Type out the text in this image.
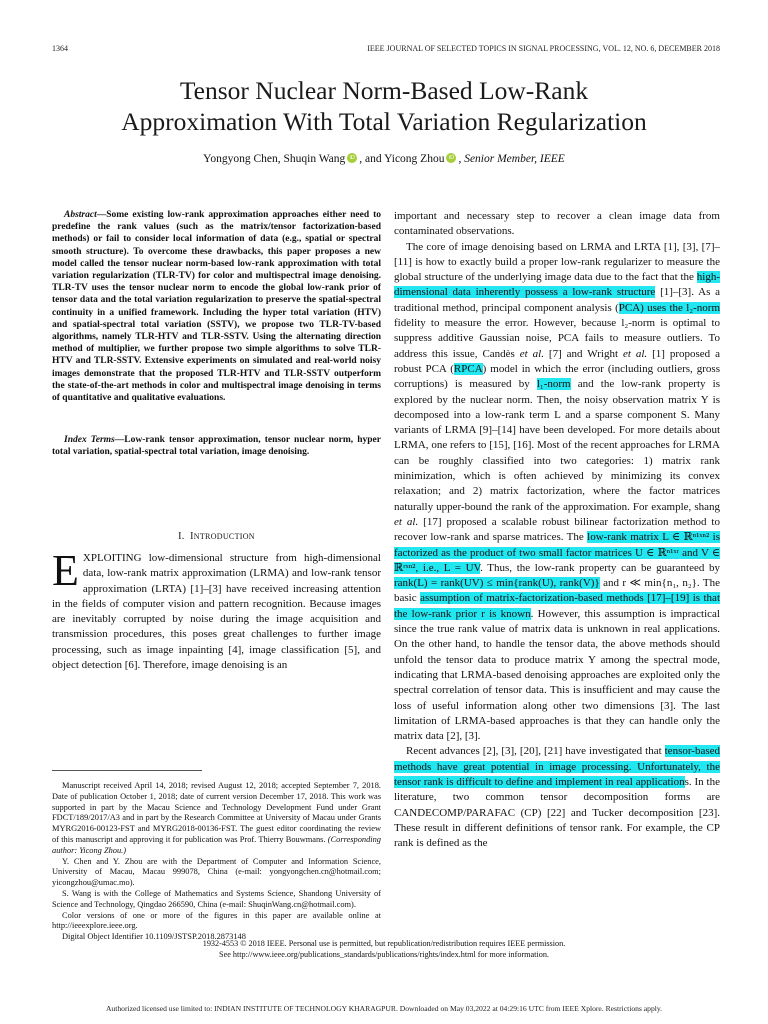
1364	IEEE JOURNAL OF SELECTED TOPICS IN SIGNAL PROCESSING, VOL. 12, NO. 6, DECEMBER 2018
Tensor Nuclear Norm-Based Low-Rank
Approximation With Total Variation Regularization
Yongyong Chen, Shuqin Wang iD , and Yicong Zhou iD , Senior Member, IEEE
Abstract—Some existing low-rank approximation approaches either need to predefine the rank values (such as the matrix/tensor factorization-based methods) or fail to consider local information of data (e.g., spatial or spectral smooth structure). To overcome these drawbacks, this paper proposes a new model called the tensor nuclear norm-based low-rank approximation with total variation regularization (TLR-TV) for color and multispectral image denoising. TLR-TV uses the tensor nuclear norm to encode the global low-rank prior of tensor data and the total variation regularization to preserve the spatial-spectral continuity in a unified framework. Including the hyper total variation (HTV) and spatial-spectral total variation (SSTV), we propose two TLR-TV-based algorithms, namely TLR-HTV and TLR-SSTV. Using the alternating direction method of multiplier, we further propose two simple algorithms to solve TLR-HTV and TLR-SSTV. Extensive experiments on simulated and real-world noisy images demonstrate that the proposed TLR-HTV and TLR-SSTV outperform the state-of-the-art methods in color and multispectral image denoising in terms of quantitative and qualitative evaluations.
Index Terms—Low-rank tensor approximation, tensor nuclear norm, hyper total variation, spatial-spectral total variation, image denoising.
I. INTRODUCTION

EXPLOITING low-dimensional structure from high-dimensional data, low-rank matrix approximation (LRMA) and low-rank tensor approximation (LRTA) [1]–[3] have received increasing attention in the fields of computer vision and pattern recognition. Because images are inevitably corrupted by noise during the image acquisition and transmission procedures, this poses great challenges to further image processing, such as image inpainting [4], image classification [5], and object detection [6]. Therefore, image denoising is an

Manuscript received April 14, 2018; revised August 12, 2018; accepted September 7, 2018. Date of publication October 1, 2018; date of current version December 17, 2018. This work was supported in part by the Macau Science and Technology Development Fund under Grant FDCT/189/2017/A3 and in part by the Research Committee at University of Macau under Grants MYRG2016-00123-FST and MYRG2018-00136-FST. The guest editor coordinating the review of this manuscript and approving it for publication was Prof. Thierry Bouwmans. (Corresponding author: Yicong Zhou.)

Y. Chen and Y. Zhou are with the Department of Computer and Information Science, University of Macau, Macau 999078, China (e-mail: yongyongchen.cn@hotmail.com; yicongzhou@umac.mo).

S. Wang is with the College of Mathematics and Systems Science, Shandong University of Science and Technology, Qingdao 266590, China (e-mail: ShuqinWang.cn@hotmail.com).

Color versions of one or more of the figures in this paper are available online at http://ieeexplore.ieee.org.

Digital Object Identifier 10.1109/JSTSP.2018.2873148

important and necessary step to recover a clean image data from contaminated observations.

The core of image denoising based on LRMA and LRTA [1], [3], [7]–[11] is how to exactly build a proper low-rank regularizer to measure the global structure of the underlying image data due to the fact that the high-dimensional data inherently possess a low-rank structure [1]–[3]. As a traditional method, principal component analysis (PCA) uses the l₂-norm fidelity to measure the error. However, because l₂-norm is optimal to suppress additive Gaussian noise, PCA fails to measure outliers. To address this issue, Candès et al. [7] and Wright et al. [1] proposed a robust PCA (RPCA) model in which the error (including outliers, gross corruptions) is measured by l₁-norm and the low-rank property is explored by the nuclear norm. Then, the noisy observation matrix Y is decomposed into a low-rank term L and a sparse component S. Many variants of LRMA [9]–[14] have been developed. For more details about LRMA, one refers to [15], [16]. Most of the recent approaches for LRMA can be roughly classified into two categories: 1) matrix rank minimization, which is often achieved by minimizing its convex relaxation; and 2) matrix factorization, where the factor matrices naturally upper-bound the rank of the approximation. For example, shang et al. [17] proposed a scalable robust bilinear factorization method to recover low-rank and sparse matrices. The low-rank matrix L ∈ ℝⁿ¹ˣⁿ² is factorized as the product of two small factor matrices U ∈ ℝⁿ¹ˣʳ and V ∈ ℝʳˣⁿ², i.e., L = UV. Thus, the low-rank property can be guaranteed by rank(L) = rank(UV) ≤ min{rank(U), rank(V)} and r ≪ min{n₁, n₂}. The basic assumption of matrix-factorization-based methods [17]–[19] is that the low-rank prior r is known. However, this assumption is impractical since the true rank value of matrix data is unknown in real applications. On the other hand, to handle the tensor data, the above methods should unfold the tensor data to produce matrix Y among the spectral mode, indicating that LRMA-based denoising approaches are exploited only the spectral correlation of tensor data. This is insufficient and may cause the loss of useful information along other two dimensions [3]. The last limitation of LRMA-based approaches is that they can handle only the matrix data [2], [3].

Recent advances [2], [3], [20], [21] have investigated that tensor-based methods have great potential in image processing. Unfortunately, the tensor rank is difficult to define and implement in real applications. In the literature, two common tensor decomposition forms are CANDECOMP/PARAFAC (CP) [22] and Tucker decomposition [23]. These result in different definitions of tensor rank. For example, the CP rank is defined as the

1932-4553 © 2018 IEEE. Personal use is permitted, but republication/redistribution requires IEEE permission.
See http://www.ieee.org/publications_standards/publications/rights/index.html for more information.
Authorized licensed use limited to: INDIAN INSTITUTE OF TECHNOLOGY KHARAGPUR. Downloaded on May 03,2022 at 04:29:16 UTC from IEEE Xplore. Restrictions apply.
